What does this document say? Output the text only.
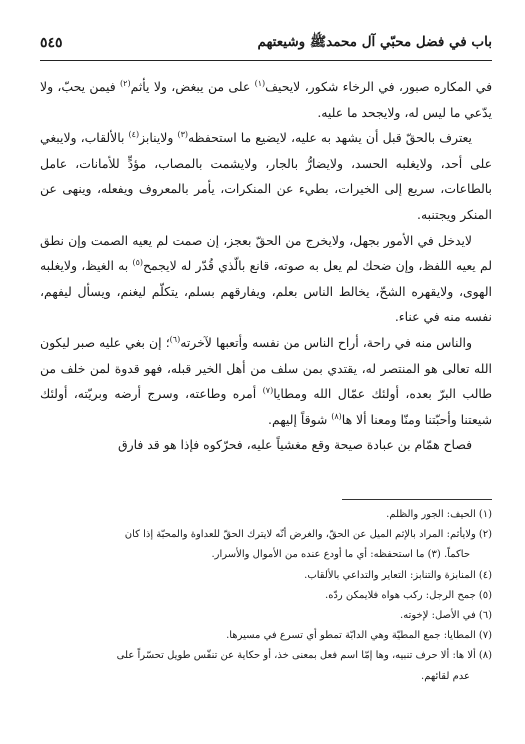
باب في فضل محبّي آل محمدﷺ وشيعتهم
٥٤٥

في المكاره صبور، في الرخاء شكور، لايحيف$^{(١)}$ على من يبغض، ولا يأثم$^{(٢)}$ فيمن يحبّ، ولا يدّعي ما ليس له، ولايجحد ما عليه.

يعترف بالحقّ قبل أن يشهد به عليه، لايضيع ما استحفظه$^{(٣)}$ ولاينابز$^{(٤)}$ بالألقاب، ولايبغي على أحد، ولايغلبه الحسد، ولايضارُّ بالجار، ولايشمت بالمصاب، مؤدٍّ للأمانات، عامل بالطاعات، سريع إلى الخيرات، بطيء عن المنكرات، يأمر بالمعروف ويفعله، وينهى عن المنكر ويجتنبه.

لايدخل في الأمور بجهل، ولايخرج من الحقّ بعجز، إن صمت لم يعيه الصمت وإن نطق لم يعيه اللفظ، وإن ضحك لم يعل به صوته، قانع بالّذي قُدّر له لايجمح$^{(٥)}$ به الغيظ، ولايغلبه الهوى، ولايقهره الشحّ، يخالط الناس بعلم، ويفارقهم بسلم، يتكلّم ليغنم، ويسأل ليفهم، نفسه منه في عناء.

والناس منه في راحة، أراح الناس من نفسه وأتعبها لآخرته$^{(٦)}$؛ إن بغي عليه صبر ليكون الله تعالى هو المنتصر له، يقتدي بمن سلف من أهل الخير قبله، فهو قدوة لمن خلف من طالب البرّ بعده، أولئك عمّال الله ومطايا$^{(٧)}$ أمره وطاعته، وسرج أرضه وبريّته، أولئك شيعتنا وأحبّتنا ومنّا ومعنا ألا ها$^{(٨)}$ شوقاً إليهم.

فصاح همّام بن عبادة صيحة وقع مغشياً عليه، فحرّكوه فإذا هو قد فارق

(١)الحيف: الجور والظلم.
(٢)ولايأثم: المراد بالإثم الميل عن الحقّ، والغرض أنّه لايترك الحقّ للعداوة والمحبّة إذا كان
حاكماً. (٣) ما استحفظه: أي ما أودع عنده من الأموال والأسرار.
(٤)المنابزة والتنابز: التعاير والتداعي بالألقاب.
(٥)جمح الرجل: ركب هواه فلايمكن ردّه.
(٦)في الأصل: لإخوته.
(٧)المطايا: جمع المطيّة وهي الدابّة تمطو أي تسرع في مسيرها.
(٨)ألا ها: ألا حرف تنبيه، وها إمّا اسم فعل بمعنى خذ، أو حكاية عن تنفّس طويل تحسّراً على
عدم لقائهم.
